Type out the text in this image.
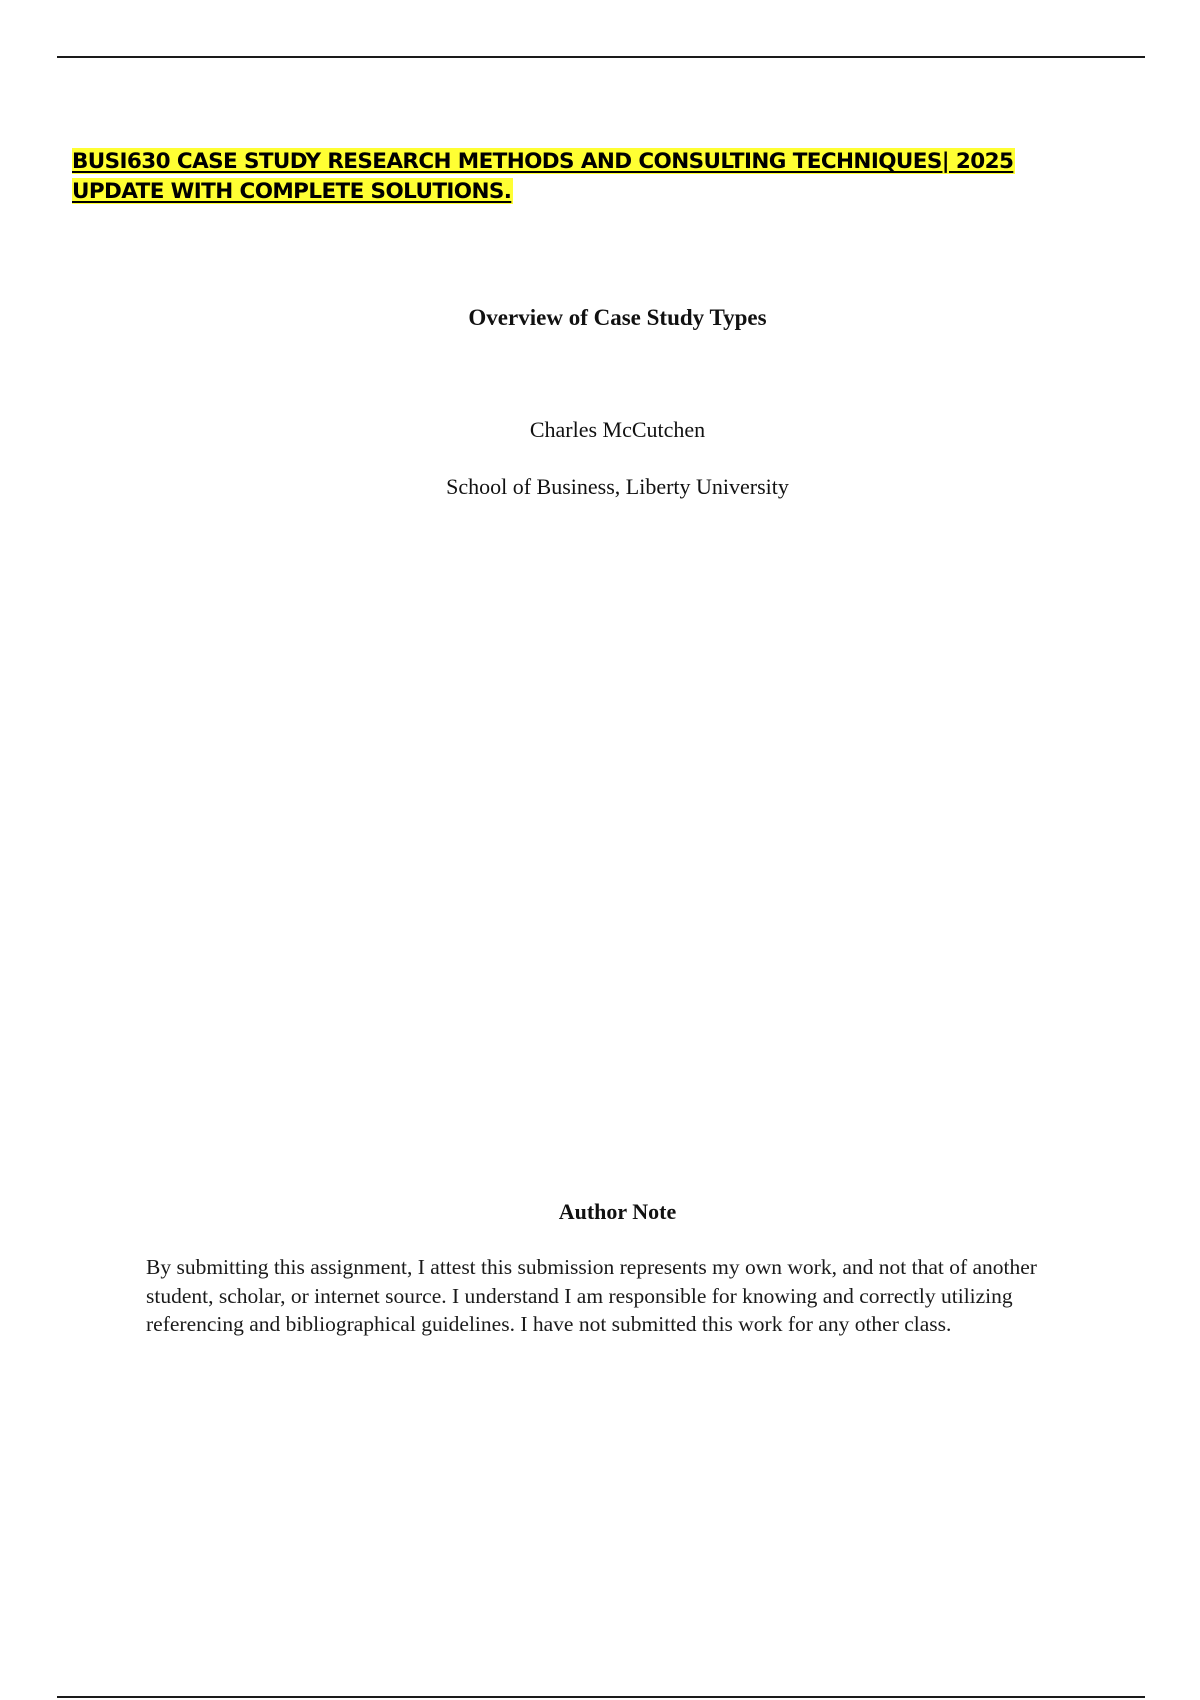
BUSI630 CASE STUDY RESEARCH METHODS AND CONSULTING TECHNIQUES| 2025 UPDATE WITH COMPLETE SOLUTIONS.
Overview of Case Study Types
Charles McCutchen
School of Business, Liberty University
Author Note
By submitting this assignment, I attest this submission represents my own work, and not that of another student, scholar, or internet source. I understand I am responsible for knowing and correctly utilizing referencing and bibliographical guidelines. I have not submitted this work for any other class.
